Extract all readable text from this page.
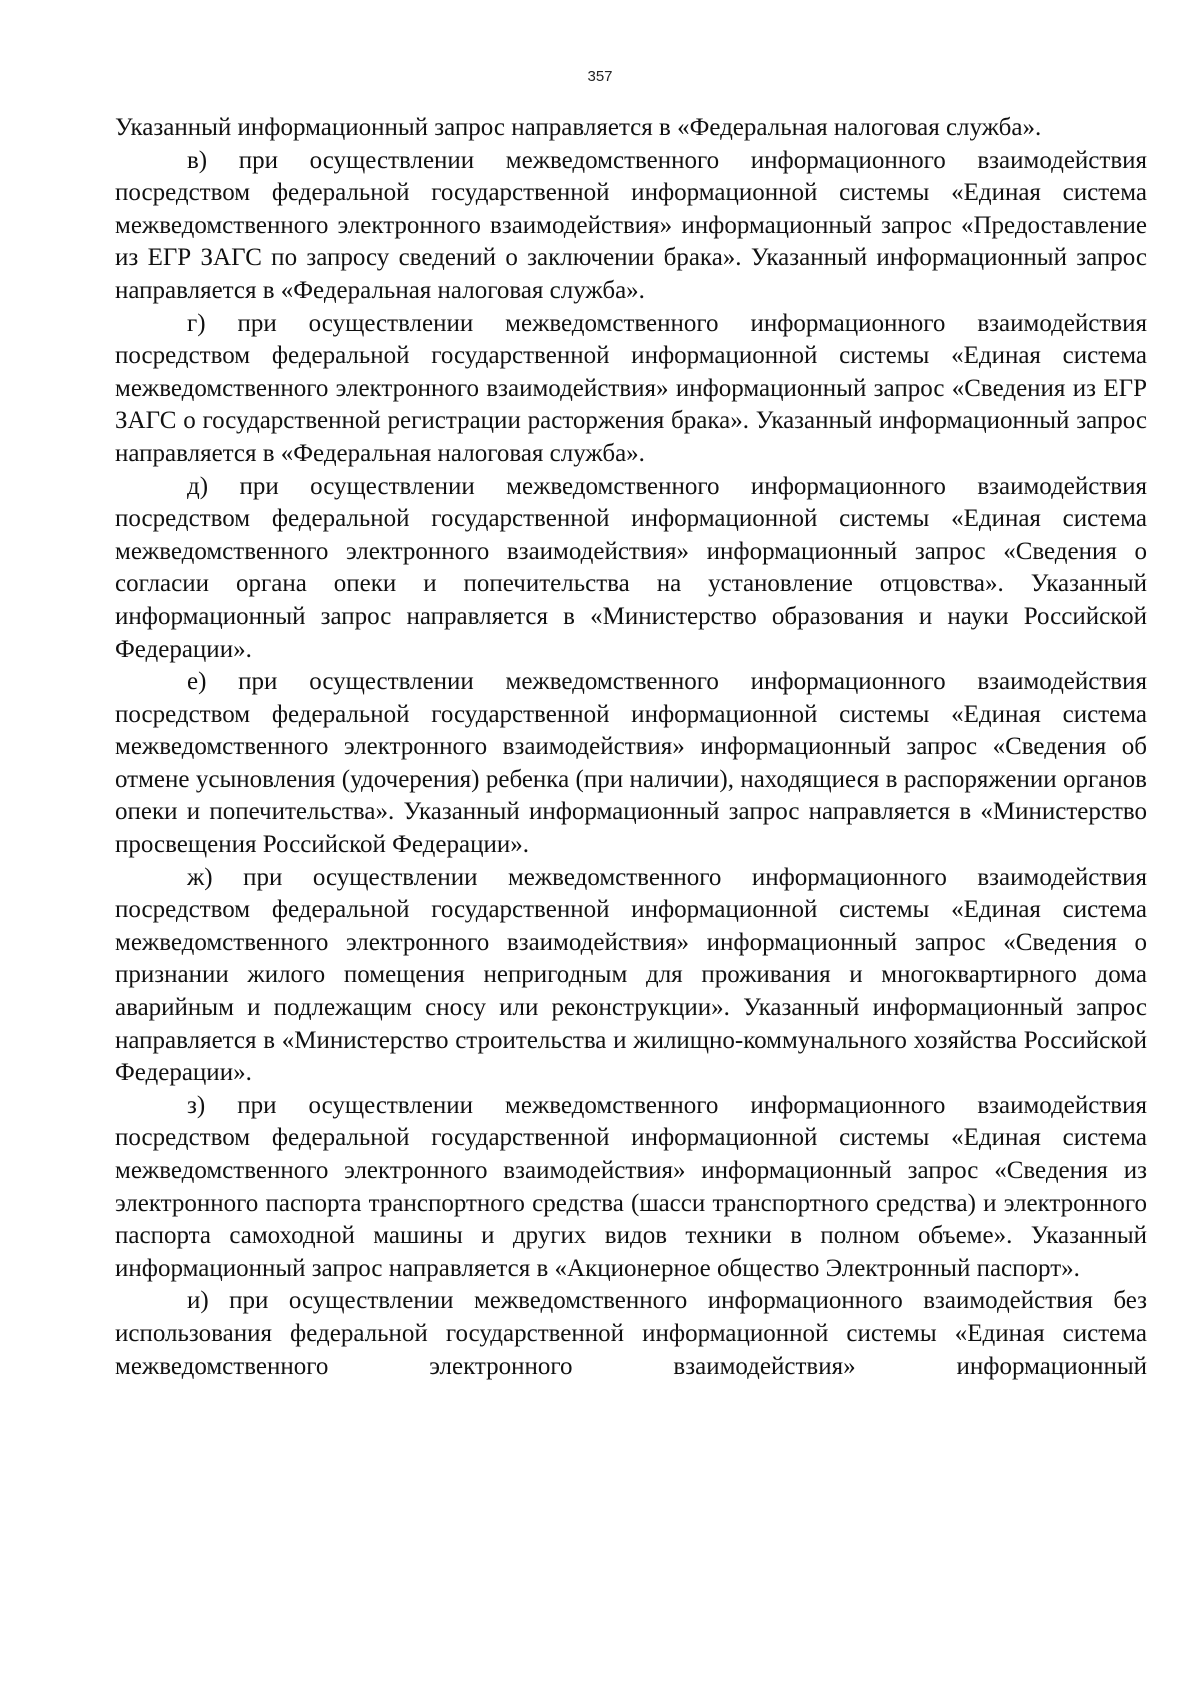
357

Указанный информационный запрос направляется в «Федеральная налоговая служба».

в) при осуществлении межведомственного информационного взаимодействия посредством федеральной государственной информационной системы «Единая система межведомственного электронного взаимодействия» информационный запрос «Предоставление из ЕГР ЗАГС по запросу сведений о заключении брака». Указанный информационный запрос направляется в «Федеральная налоговая служба».

г) при осуществлении межведомственного информационного взаимодействия посредством федеральной государственной информационной системы «Единая система межведомственного электронного взаимодействия» информационный запрос «Сведения из ЕГР ЗАГС о государственной регистрации расторжения брака». Указанный информационный запрос направляется в «Федеральная налоговая служба».

д) при осуществлении межведомственного информационного взаимодействия посредством федеральной государственной информационной системы «Единая система межведомственного электронного взаимодействия» информационный запрос «Сведения о согласии органа опеки и попечительства на установление отцовства». Указанный информационный запрос направляется в «Министерство образования и науки Российской Федерации».

е) при осуществлении межведомственного информационного взаимодействия посредством федеральной государственной информационной системы «Единая система межведомственного электронного взаимодействия» информационный запрос «Сведения об отмене усыновления (удочерения) ребенка (при наличии), находящиеся в распоряжении органов опеки и попечительства». Указанный информационный запрос направляется в «Министерство просвещения Российской Федерации».

ж) при осуществлении межведомственного информационного взаимодействия посредством федеральной государственной информационной системы «Единая система межведомственного электронного взаимодействия» информационный запрос «Сведения о признании жилого помещения непригодным для проживания и многоквартирного дома аварийным и подлежащим сносу или реконструкции». Указанный информационный запрос направляется в «Министерство строительства и жилищно-коммунального хозяйства Российской Федерации».

з) при осуществлении межведомственного информационного взаимодействия посредством федеральной государственной информационной системы «Единая система межведомственного электронного взаимодействия» информационный запрос «Сведения из электронного паспорта транспортного средства (шасси транспортного средства) и электронного паспорта самоходной машины и других видов техники в полном объеме». Указанный информационный запрос направляется в «Акционерное общество Электронный паспорт».

и) при осуществлении межведомственного информационного взаимодействия без использования федеральной государственной информационной системы «Единая система межведомственного электронного взаимодействия» информационный
